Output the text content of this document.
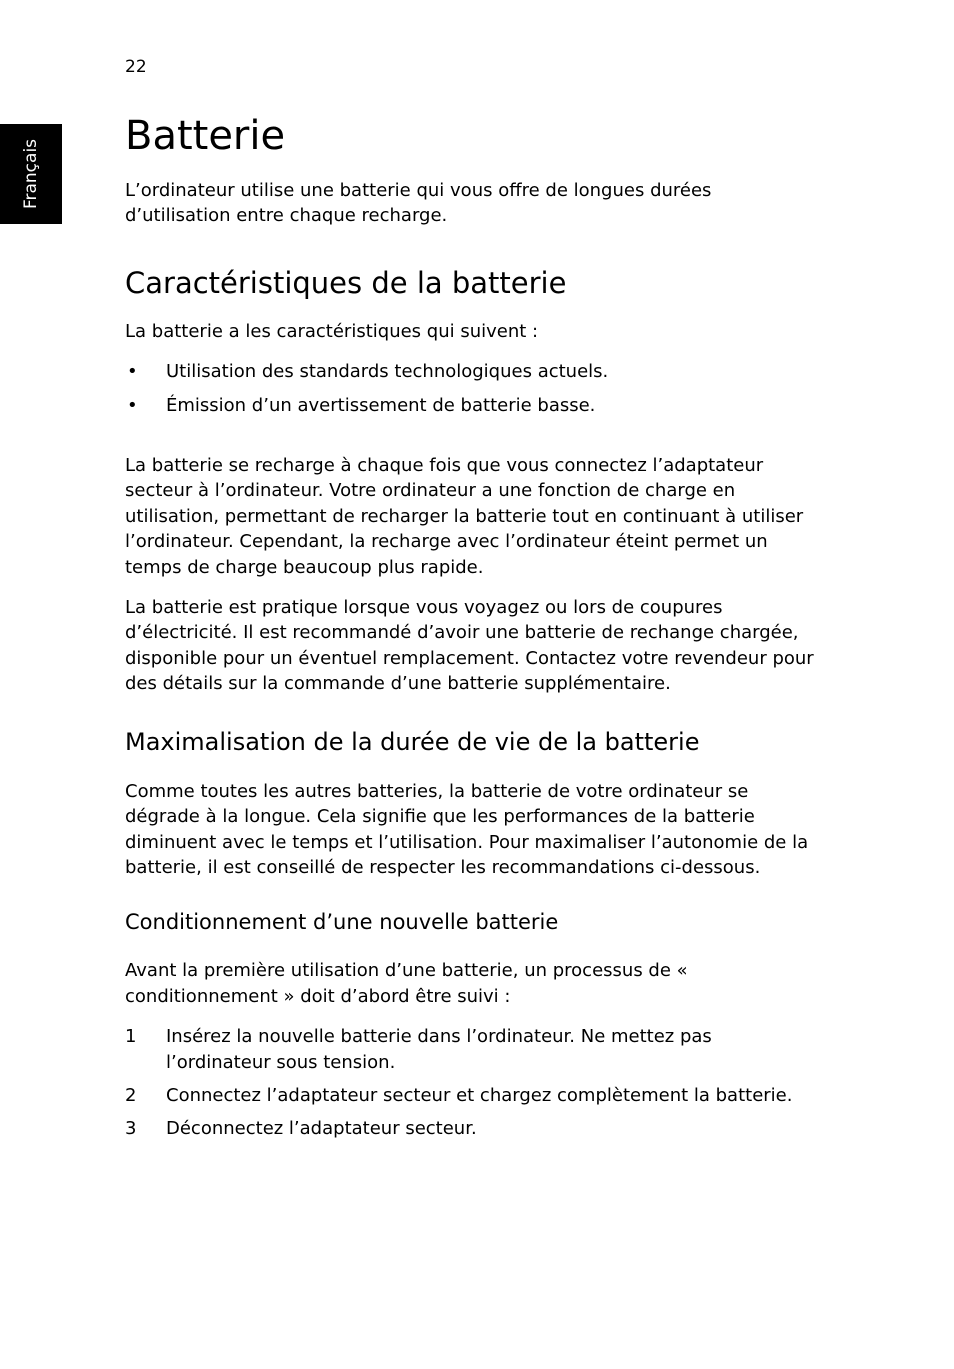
22
Français
Batterie

L’ordinateur utilise une batterie qui vous offre de longues durées d’utilisation entre chaque recharge.

Caractéristiques de la batterie

La batterie a les caractéristiques qui suivent :

• Utilisation des standards technologiques actuels.
• Émission d’un avertissement de batterie basse.

La batterie se recharge à chaque fois que vous connectez l’adaptateur secteur à l’ordinateur. Votre ordinateur a une fonction de charge en utilisation, permettant de recharger la batterie tout en continuant à utiliser l’ordinateur. Cependant, la recharge avec l’ordinateur éteint permet un temps de charge beaucoup plus rapide.

La batterie est pratique lorsque vous voyagez ou lors de coupures d’électricité. Il est recommandé d’avoir une batterie de rechange chargée, disponible pour un éventuel remplacement. Contactez votre revendeur pour des détails sur la commande d’une batterie supplémentaire.

Maximalisation de la durée de vie de la batterie

Comme toutes les autres batteries, la batterie de votre ordinateur se dégrade à la longue. Cela signifie que les performances de la batterie diminuent avec le temps et l’utilisation. Pour maximaliser l’autonomie de la batterie, il est conseillé de respecter les recommandations ci-dessous.

Conditionnement d’une nouvelle batterie

Avant la première utilisation d’une batterie, un processus de « conditionnement » doit d’abord être suivi :

1 Insérez la nouvelle batterie dans l’ordinateur. Ne mettez pas l’ordinateur sous tension.
2 Connectez l’adaptateur secteur et chargez complètement la batterie.
3 Déconnectez l’adaptateur secteur.
